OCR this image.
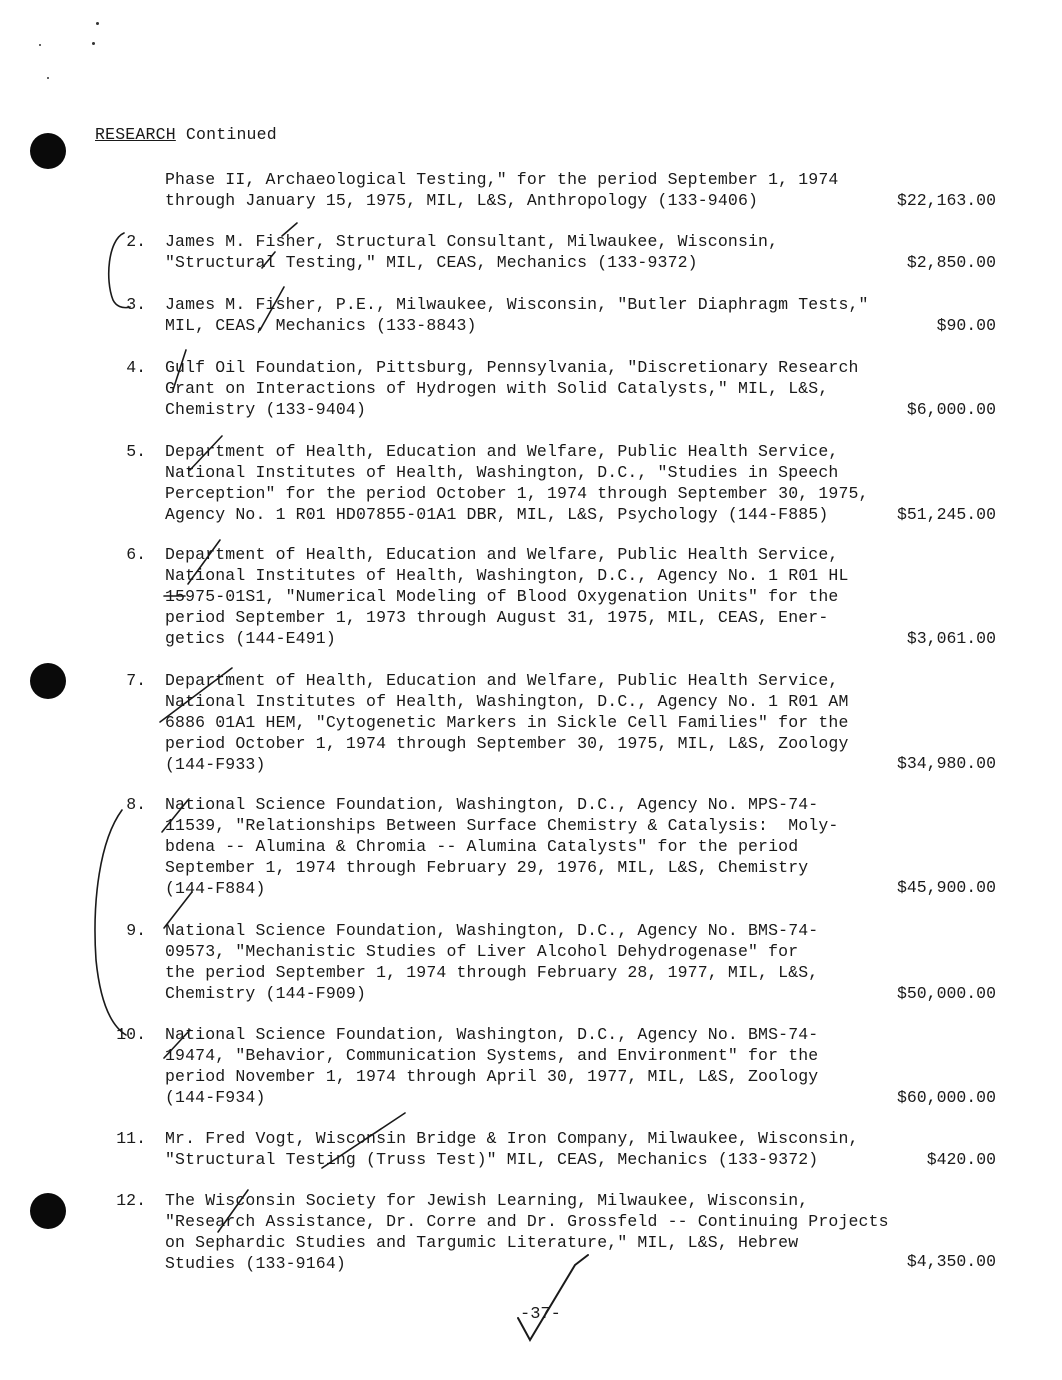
RESEARCH Continued
Phase II, Archaeological Testing," for the period September 1, 1974
through January 15, 1975, MIL, L&S, Anthropology (133-9406)	$22,163.00
2. James M. Fisher, Structural Consultant, Milwaukee, Wisconsin,
"Structural Testing," MIL, CEAS, Mechanics (133-9372)	$2,850.00
3. James M. Fisher, P.E., Milwaukee, Wisconsin, "Butler Diaphragm Tests,"
MIL, CEAS, Mechanics (133-8843)	$90.00
4. Gulf Oil Foundation, Pittsburg, Pennsylvania, "Discretionary Research
Grant on Interactions of Hydrogen with Solid Catalysts," MIL, L&S,
Chemistry (133-9404)	$6,000.00
5. Department of Health, Education and Welfare, Public Health Service,
National Institutes of Health, Washington, D.C., "Studies in Speech
Perception" for the period October 1, 1974 through September 30, 1975,
Agency No. 1 R01 HD07855-01A1 DBR, MIL, L&S, Psychology (144-F885)	$51,245.00
6. Department of Health, Education and Welfare, Public Health Service,
National Institutes of Health, Washington, D.C., Agency No. 1 R01 HL
15975-01S1, "Numerical Modeling of Blood Oxygenation Units" for the
period September 1, 1973 through August 31, 1975, MIL, CEAS, Ener-
getics (144-E491)	$3,061.00
7. Department of Health, Education and Welfare, Public Health Service,
National Institutes of Health, Washington, D.C., Agency No. 1 R01 AM
6886 01A1 HEM, "Cytogenetic Markers in Sickle Cell Families" for the
period October 1, 1974 through September 30, 1975, MIL, L&S, Zoology
(144-F933)	$34,980.00
8. National Science Foundation, Washington, D.C., Agency No. MPS-74-
11539, "Relationships Between Surface Chemistry & Catalysis:  Moly-
bdena -- Alumina & Chromia -- Alumina Catalysts" for the period
September 1, 1974 through February 29, 1976, MIL, L&S, Chemistry
(144-F884)	$45,900.00
9. National Science Foundation, Washington, D.C., Agency No. BMS-74-
09573, "Mechanistic Studies of Liver Alcohol Dehydrogenase" for
the period September 1, 1974 through February 28, 1977, MIL, L&S,
Chemistry (144-F909)	$50,000.00
10. National Science Foundation, Washington, D.C., Agency No. BMS-74-
19474, "Behavior, Communication Systems, and Environment" for the
period November 1, 1974 through April 30, 1977, MIL, L&S, Zoology
(144-F934)	$60,000.00
11. Mr. Fred Vogt, Wisconsin Bridge & Iron Company, Milwaukee, Wisconsin,
"Structural Testing (Truss Test)" MIL, CEAS, Mechanics (133-9372)	$420.00
12. The Wisconsin Society for Jewish Learning, Milwaukee, Wisconsin,
"Research Assistance, Dr. Corre and Dr. Grossfeld -- Continuing Projects
on Sephardic Studies and Targumic Literature," MIL, L&S, Hebrew
Studies (133-9164)	$4,350.00
-37-
